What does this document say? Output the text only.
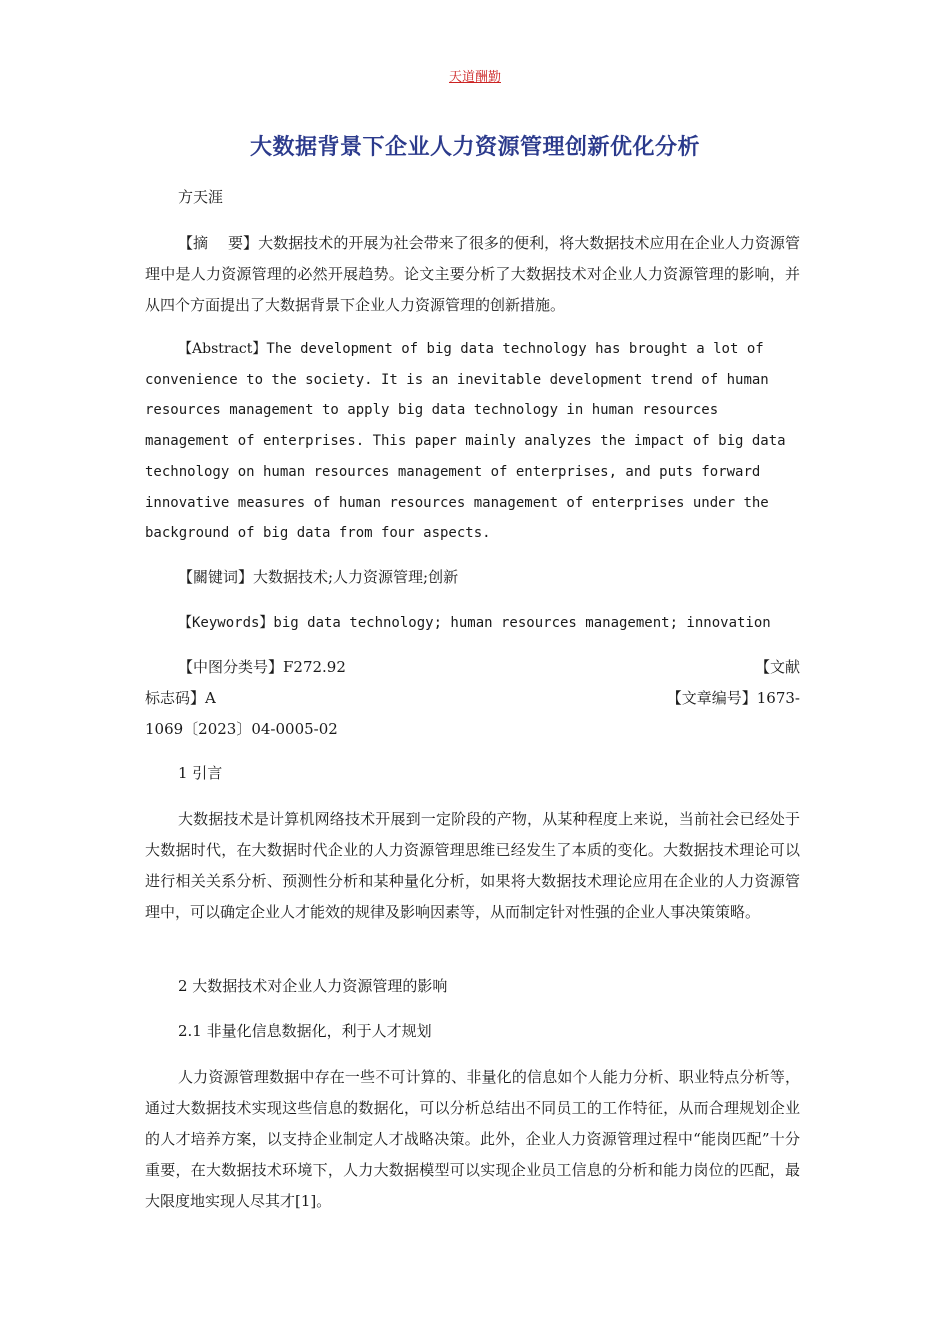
天道酬勤
大数据背景下企业人力资源管理创新优化分析
方天涯

【摘　 要】大数据技术的开展为社会带来了很多的便利，将大数据技术应用在企业人力资源管理中是人力资源管理的必然开展趋势。论文主要分析了大数据技术对企业人力资源管理的影响，并从四个方面提出了大数据背景下企业人力资源管理的创新措施。

【Abstract】The development of big data technology has brought a lot of
convenience to the society. It is an inevitable development trend of human
resources management to apply big data technology in human resources
management of enterprises. This paper mainly analyzes the impact of big data
technology on human resources management of enterprises, and puts forward
innovative measures of human resources management of enterprises under the
background of big data from four aspects.
【關键词】大数据技术;人力资源管理;创新
【Keywords】big data technology; human resources management; innovation
【中图分类号】F272.92	【文献
标志码】A	【文章编号】1673-
1069〔2023〕04-0005-02
1 引言

大数据技术是计算机网络技术开展到一定阶段的产物，从某种程度上来说，当前社会已经处于大数据时代，在大数据时代企业的人力资源管理思维已经发生了本质的变化。大数据技术理论可以进行相关关系分析、预测性分析和某种量化分析，如果将大数据技术理论应用在企业的人力资源管理中，可以确定企业人才能效的规律及影响因素等，从而制定针对性强的企业人事决策策略。

2 大数据技术对企业人力资源管理的影响
2.1 非量化信息数据化，利于人才规划

人力资源管理数据中存在一些不可计算的、非量化的信息如个人能力分析、职业特点分析等，通过大数据技术实现这些信息的数据化，可以分析总结出不同员工的工作特征，从而合理规划企业的人才培养方案，以支持企业制定人才战略决策。此外，企业人力资源管理过程中“能岗匹配”十分重要，在大数据技术环境下，人力大数据模型可以实现企业员工信息的分析和能力岗位的匹配，最大限度地实现人尽其才[1]。
